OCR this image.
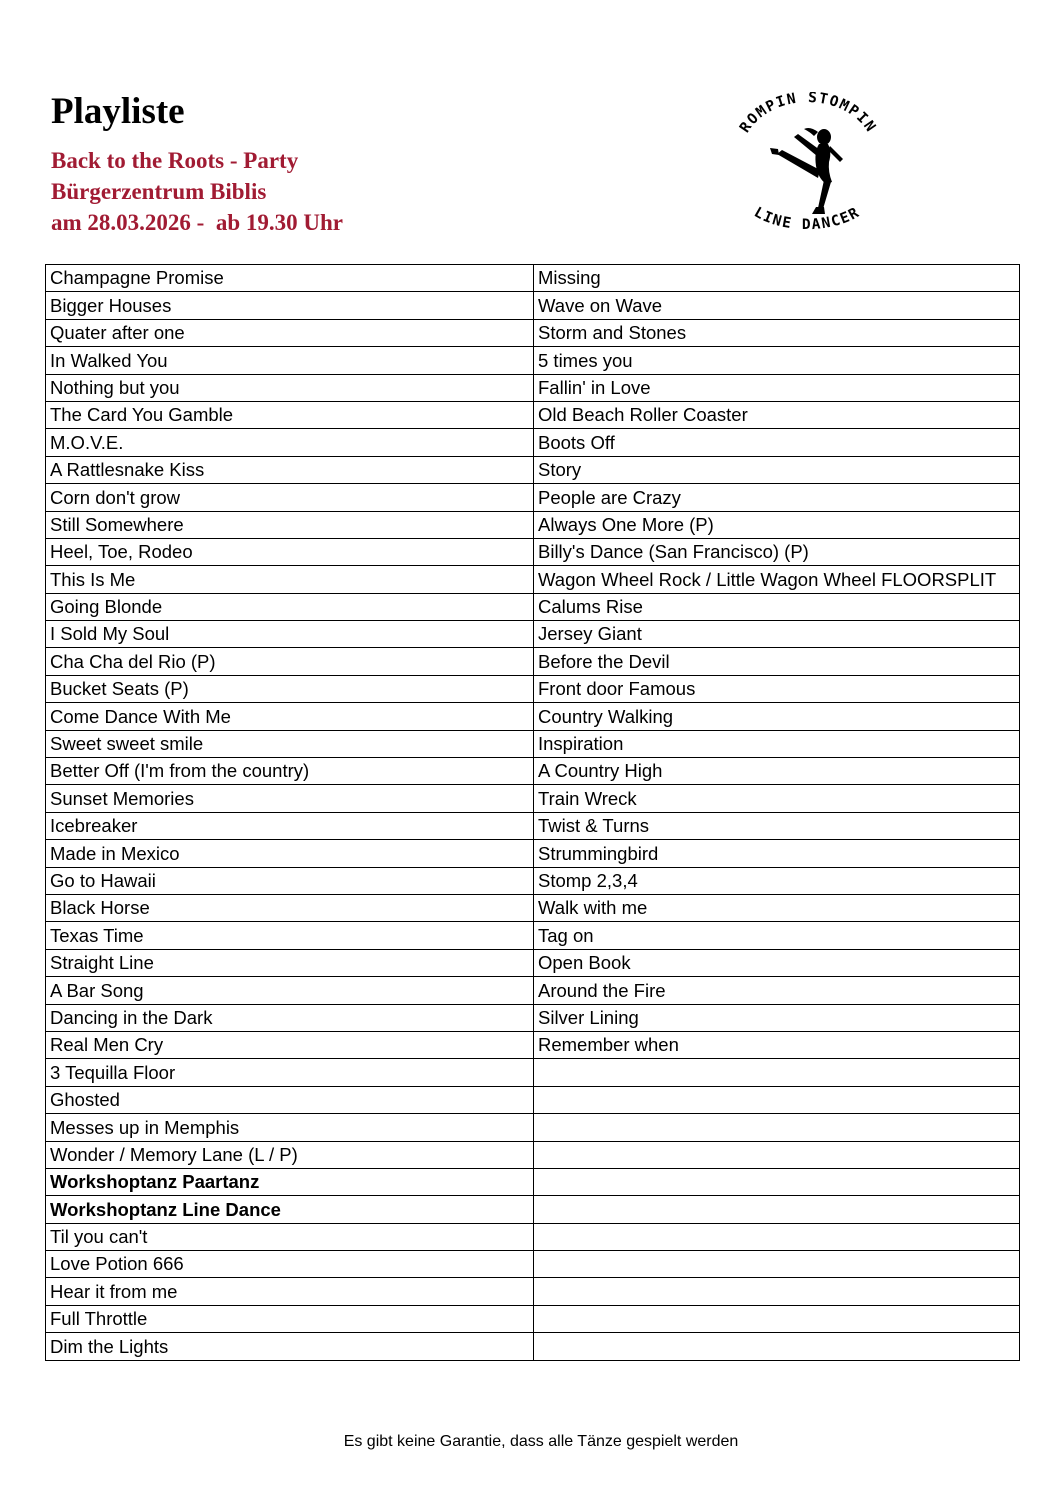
Playliste
Back to the Roots - Party
Bürgerzentrum Biblis
am 28.03.2026 -  ab 19.30 Uhr
ROMPIN STOMPIN
LINE DANCER
Champagne Promise	Missing
Bigger Houses	Wave on Wave
Quater after one	Storm and Stones
In Walked You	5 times you
Nothing but you	Fallin' in Love
The Card You Gamble	Old Beach Roller Coaster
M.O.V.E.	Boots Off
A Rattlesnake Kiss	Story
Corn don't grow	People are Crazy
Still Somewhere	Always One More (P)
Heel, Toe, Rodeo	Billy's Dance (San Francisco) (P)
This Is Me	Wagon Wheel Rock / Little Wagon Wheel FLOORSPLIT
Going Blonde	Calums Rise
I Sold My Soul	Jersey Giant
Cha Cha del Rio (P)	Before the Devil
Bucket Seats (P)	Front door Famous
Come Dance With Me	Country Walking
Sweet sweet smile	Inspiration
Better Off (I'm from the country)	A Country High
Sunset Memories	Train Wreck
Icebreaker	Twist & Turns
Made in Mexico	Strummingbird
Go to Hawaii	Stomp 2,3,4
Black Horse	Walk with me
Texas Time	Tag on
Straight Line	Open Book
A Bar Song	Around the Fire
Dancing in the Dark	Silver Lining
Real Men Cry	Remember when
3 Tequilla Floor	
Ghosted	
Messes up in Memphis	
Wonder / Memory Lane (L / P)	
Workshoptanz Paartanz	
Workshoptanz Line Dance	
Til you can't	
Love Potion 666	
Hear it from me	
Full Throttle	
Dim the Lights	
Es gibt keine Garantie, dass alle Tänze gespielt werden
